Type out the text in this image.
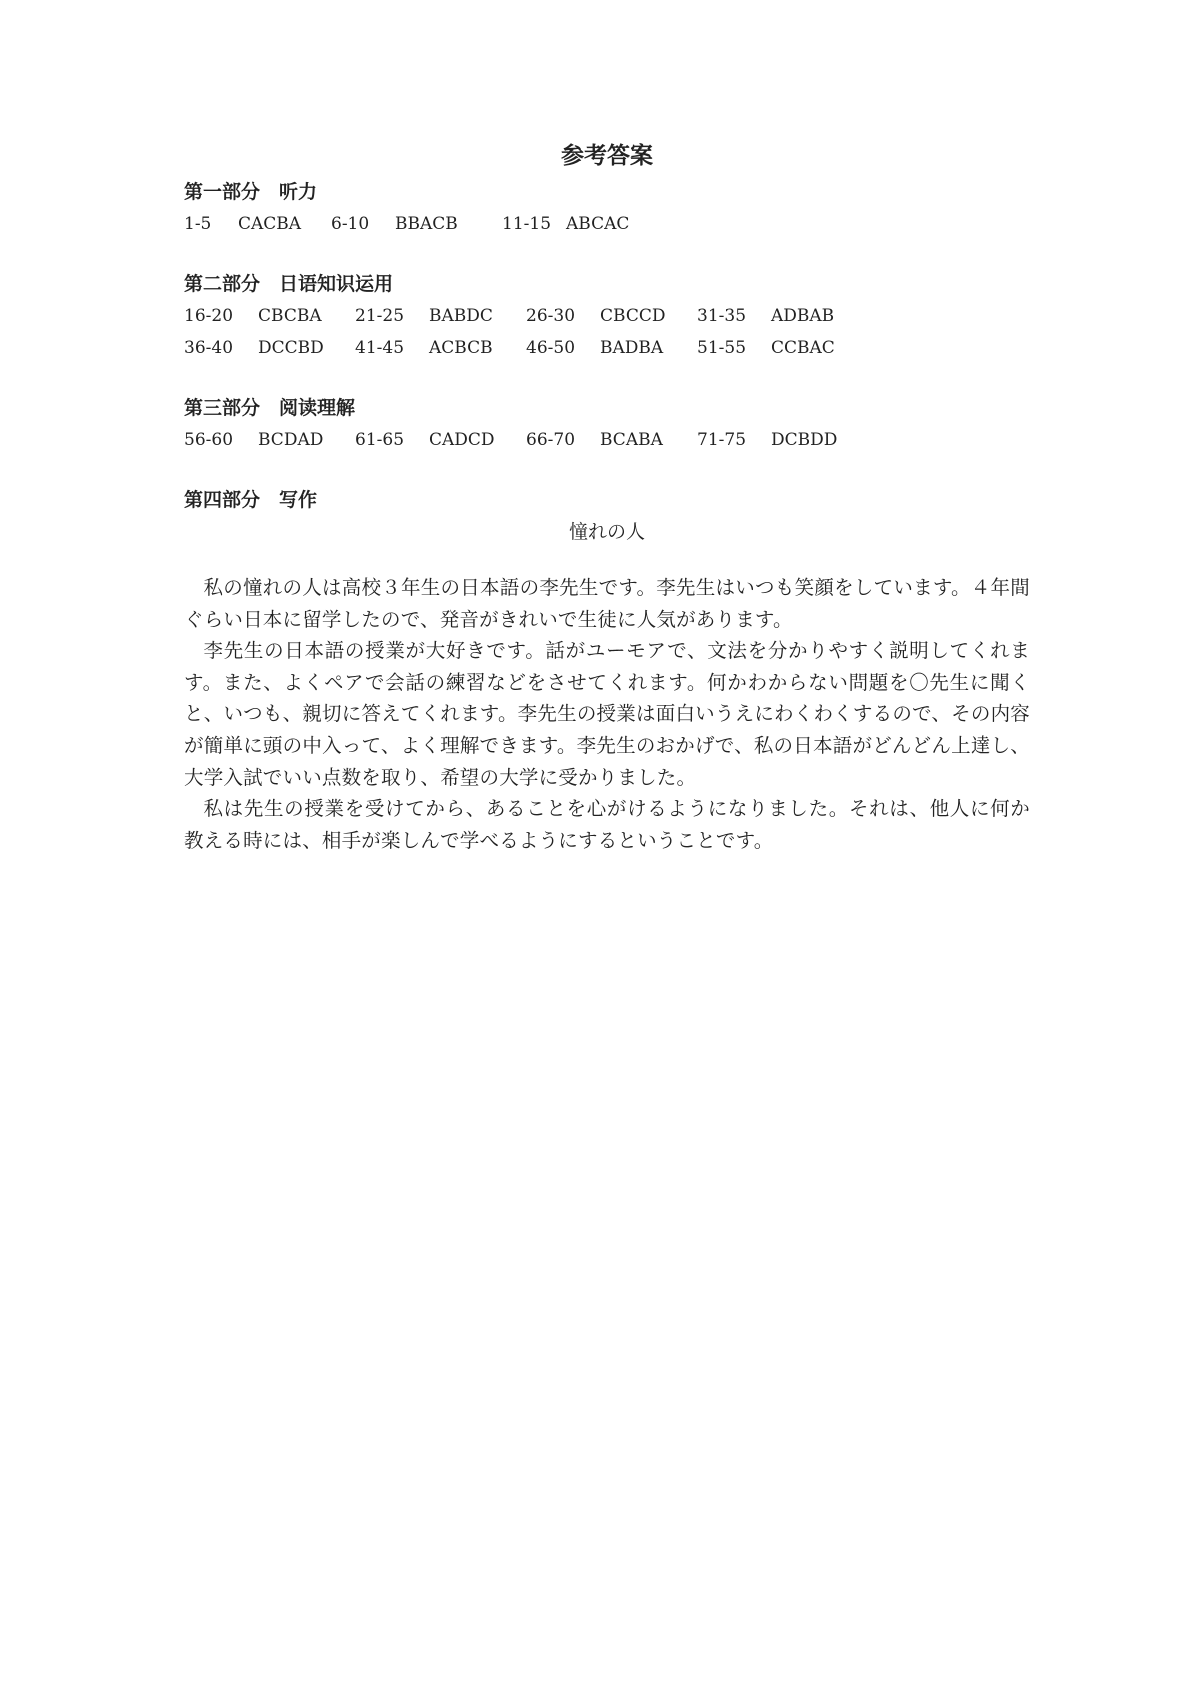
参考答案
第一部分　听力
1-5	CACBA 6-10	BBACB	11-15 ABCAC
第二部分　日语知识运用
16-20	CBCBA 21-25	BABDC 26-30	CBCCD 31-35	ADBAB
36-40	DCCBD 41-45	ACBCB 46-50	BADBA 51-55	CCBAC
第三部分　阅读理解
56-60	BCDAD 61-65	CADCD 66-70	BCABA 71-75	DCBDD
第四部分　写作
憧れの人

私の憧れの人は高校３年生の日本語の李先生です。李先生はいつも笑顔をしています。４年間ぐらい日本に留学したので、発音がきれいで生徒に人気があります。

李先生の日本語の授業が大好きです。話がユーモアで、文法を分かりやすく説明してくれます。また、よくペアで会話の練習などをさせてくれます。何かわからない問題を〇先生に聞くと、いつも、親切に答えてくれます。李先生の授業は面白いうえにわくわくするので、その内容が簡単に頭の中入って、よく理解できます。李先生のおかげで、私の日本語がどんどん上達し、大学入試でいい点数を取り、希望の大学に受かりました。

私は先生の授業を受けてから、あることを心がけるようになりました。それは、他人に何か教える時には、相手が楽しんで学べるようにするということです。
